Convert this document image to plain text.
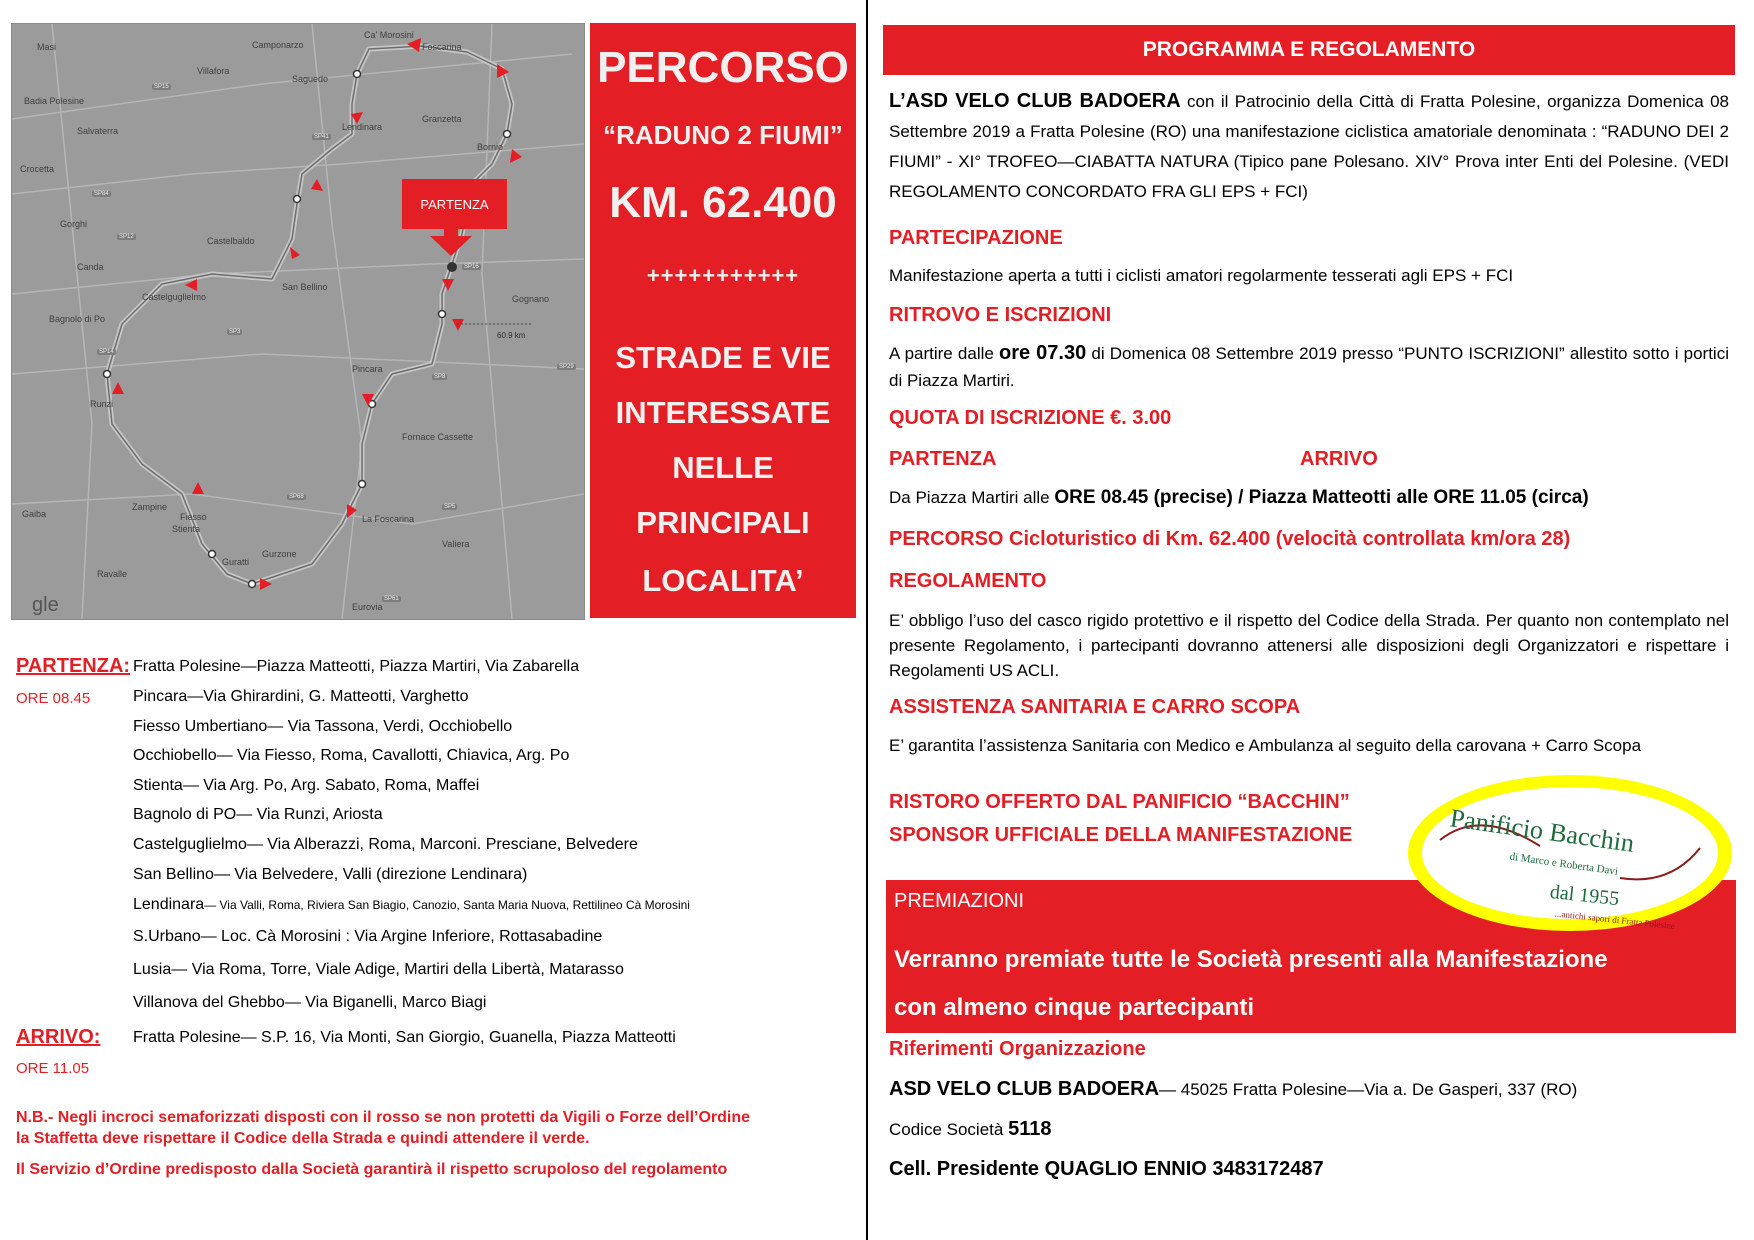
Masi	Camponarzo
Ca' Morosini
Foscarina
Villafora
Saguedo
Badia Polesine
Granzetta
Salvaterra	Lendinara
Bornio
Crocetta
Gorghi
Castelbaldo
Castelguglielmo
San Bellino
Gognano
Canda
Bagnolo di Po
Runzi
Pincara
Fornace Cassette
Gaiba
Zampine
Fiesso
Stienta
La Foscarina
Valiera
Ravalle
Guratti
Gurzone
Eurovia
SP15
SP84
SP12
SP16
SP41
SP3
SP8
SP14
SP29
SP68
SP5
SP61
PARTENZA
60.9 km
gle
PERCORSO
“RADUNO 2 FIUMI”
KM. 62.400
+++++++++++
STRADE E VIE
INTERESSATE
NELLE
PRINCIPALI
LOCALITA’
PARTENZA:
ORE 08.45
Fratta Polesine—Piazza Matteotti, Piazza Martiri, Via Zabarella
Pincara—Via Ghirardini, G. Matteotti, Varghetto
Fiesso Umbertiano— Via Tassona, Verdi, Occhiobello
Occhiobello— Via Fiesso, Roma, Cavallotti, Chiavica, Arg. Po
Stienta— Via Arg. Po, Arg. Sabato, Roma, Maffei
Bagnolo di PO— Via Runzi, Ariosta
Castelguglielmo— Via Alberazzi, Roma, Marconi. Presciane, Belvedere
San Bellino— Via Belvedere, Valli (direzione Lendinara)
Lendinara— Via Valli, Roma, Riviera San Biagio, Canozio, Santa Maria Nuova, Rettilineo Cà Morosini
S.Urbano— Loc. Cà Morosini : Via Argine Inferiore, Rottasabadine
Lusia— Via Roma, Torre, Viale Adige, Martiri della Libertà, Matarasso
Villanova del Ghebbo— Via Biganelli, Marco Biagi
ARRIVO:
ORE 11.05
Fratta Polesine— S.P. 16, Via Monti, San Giorgio, Guanella, Piazza Matteotti
N.B.- Negli incroci semaforizzati disposti con il rosso se non protetti da Vigili o Forze dell’Ordine
la Staffetta deve rispettare il Codice della Strada e quindi attendere il verde.
Il Servizio d’Ordine predisposto dalla Società garantirà il rispetto scrupoloso del regolamento
PROGRAMMA E REGOLAMENTO
L’ASD VELO CLUB BADOERA con il Patrocinio della Città di Fratta Polesine, organizza Domenica 08 Settembre 2019 a Fratta Polesine (RO) una manifestazione ciclistica amatoriale denominata : “RADUNO DEI 2 FIUMI” - XI° TROFEO—CIABATTA NATURA (Tipico pane Polesano. XIV° Prova inter Enti del Polesine. (VEDI REGOLAMENTO CONCORDATO FRA GLI EPS + FCI)
PARTECIPAZIONE
Manifestazione aperta a tutti i ciclisti amatori regolarmente tesserati agli EPS + FCI
RITROVO E ISCRIZIONI
A partire dalle ore 07.30 di Domenica 08 Settembre 2019 presso “PUNTO ISCRIZIONI” allestito sotto i portici di Piazza Martiri.
QUOTA DI ISCRIZIONE €. 3.00
PARTENZA	ARRIVO
Da Piazza Martiri alle ORE 08.45 (precise) / Piazza Matteotti alle ORE 11.05 (circa)
PERCORSO Cicloturistico di Km. 62.400 (velocità controllata km/ora 28)
REGOLAMENTO
E’ obbligo l’uso del casco rigido protettivo e il rispetto del Codice della Strada. Per quanto non contemplato nel presente Regolamento, i partecipanti dovranno attenersi alle disposizioni degli Organizzatori e rispettare i Regolamenti US ACLI.
ASSISTENZA SANITARIA E CARRO SCOPA
E’ garantita l’assistenza Sanitaria con Medico e Ambulanza al seguito della carovana + Carro Scopa
RISTORO OFFERTO DAL PANIFICIO “BACCHIN”
SPONSOR UFFICIALE DELLA MANIFESTAZIONE
PREMIAZIONI
Verranno premiate tutte le Società presenti alla Manifestazione
con almeno cinque partecipanti
Riferimenti Organizzazione
ASD VELO CLUB BADOERA— 45025 Fratta Polesine—Via a. De Gasperi, 337 (RO)
Codice Società 5118
Cell. Presidente QUAGLIO ENNIO 3483172487
Panificio Bacchin
di Marco e Roberta Davi
dal 1955
...antichi sapori di Fratta Polesine
